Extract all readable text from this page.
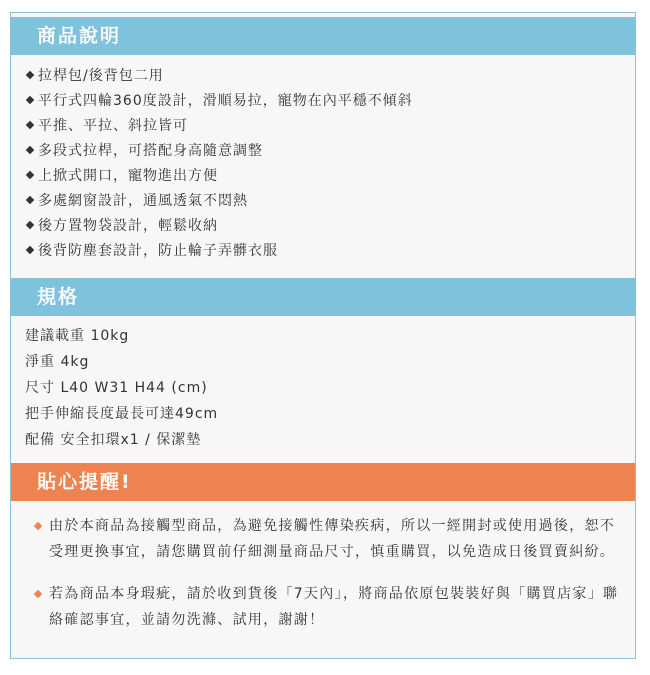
商品說明
拉桿包/後背包二用
平行式四輪360度設計，滑順易拉，寵物在內平穩不傾斜
平推、平拉、斜拉皆可
多段式拉桿，可搭配身高隨意調整
上掀式開口，寵物進出方便
多處網窗設計，通風透氣不悶熱
後方置物袋設計，輕鬆收納
後背防塵套設計，防止輪子弄髒衣服
規格
建議載重 10kg
淨重 4kg
尺寸 L40 W31 H44 (cm)
把手伸縮長度最長可達49cm
配備 安全扣環x1 / 保潔墊
貼心提醒!
由於本商品為接觸型商品，為避免接觸性傳染疾病，所以一經開封或使用過後，恕不受理更換事宜，請您購買前仔細測量商品尺寸，慎重購買，以免造成日後買賣糾紛。
若為商品本身瑕疵，請於收到貨後「7天內」，將商品依原包裝裝好與「購買店家」聯絡確認事宜，並請勿洗滌、試用，謝謝！
